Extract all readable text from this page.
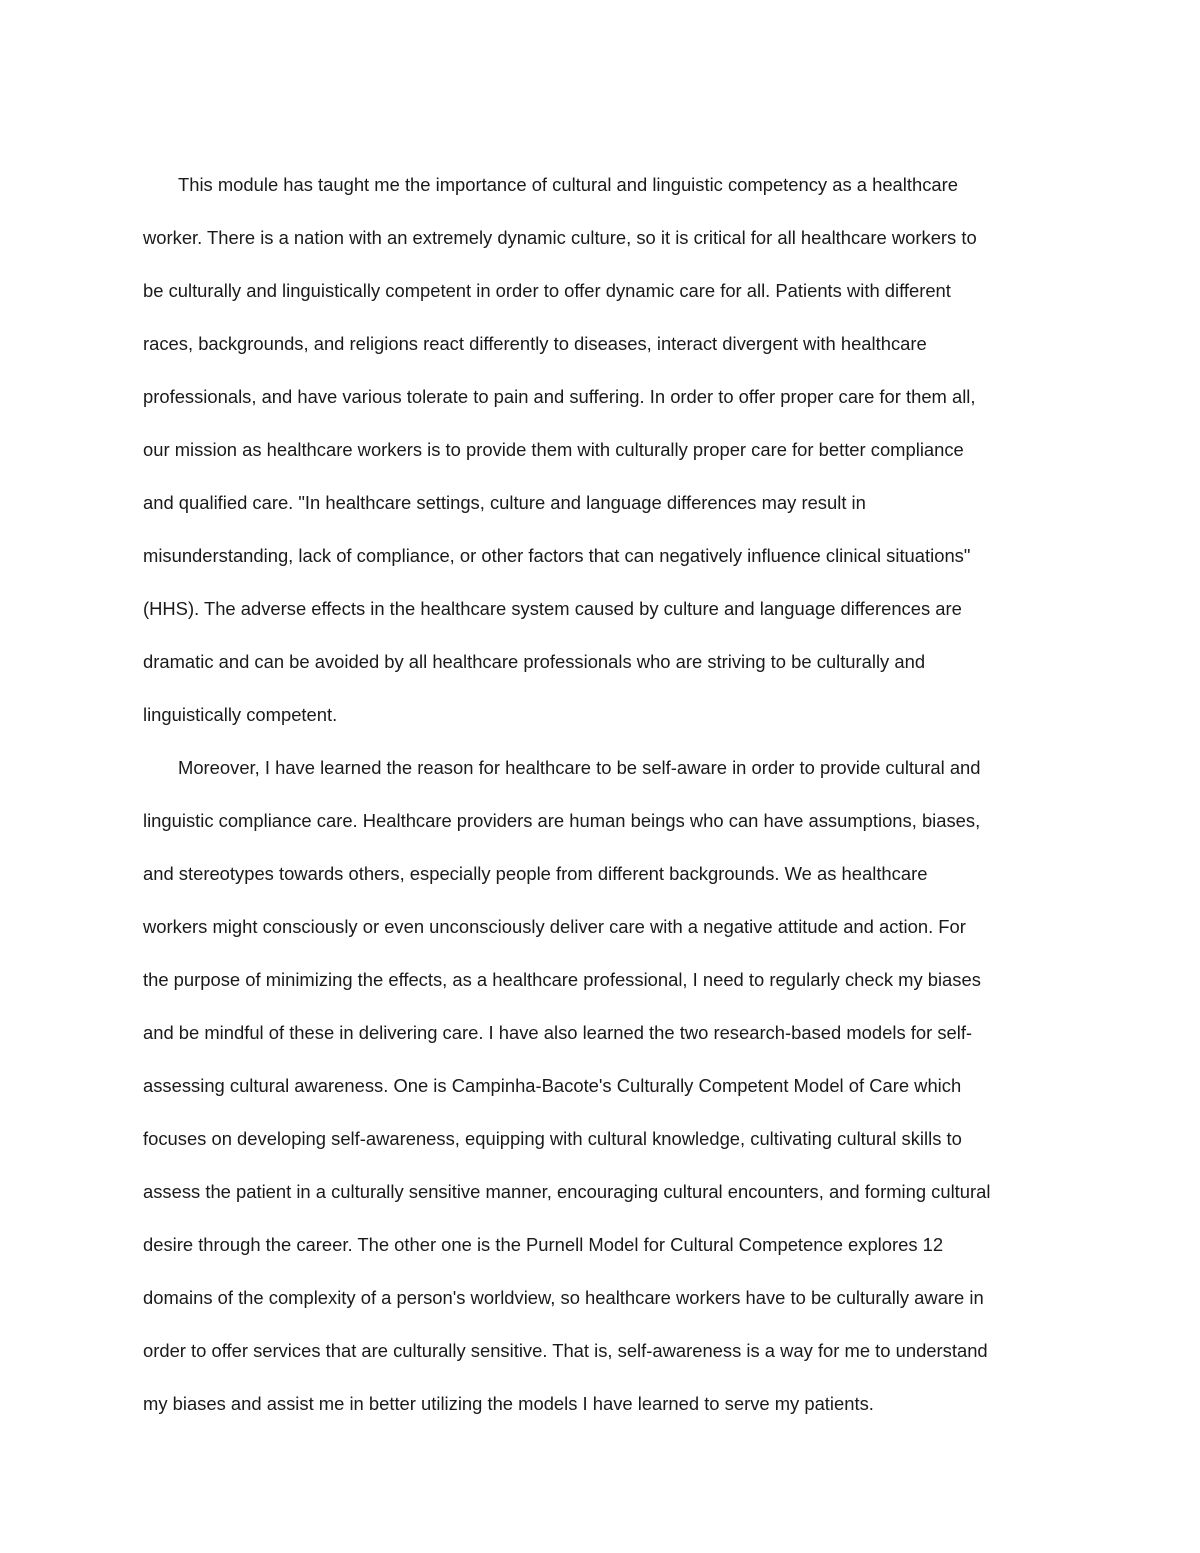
This module has taught me the importance of cultural and linguistic competency as a healthcare
worker. There is a nation with an extremely dynamic culture, so it is critical for all healthcare workers to
be culturally and linguistically competent in order to offer dynamic care for all. Patients with different
races, backgrounds, and religions react differently to diseases, interact divergent with healthcare
professionals, and have various tolerate to pain and suffering. In order to offer proper care for them all,
our mission as healthcare workers is to provide them with culturally proper care for better compliance
and qualified care. "In healthcare settings, culture and language differences may result in
misunderstanding, lack of compliance, or other factors that can negatively influence clinical situations"
(HHS). The adverse effects in the healthcare system caused by culture and language differences are
dramatic and can be avoided by all healthcare professionals who are striving to be culturally and
linguistically competent.
Moreover, I have learned the reason for healthcare to be self-aware in order to provide cultural and
linguistic compliance care. Healthcare providers are human beings who can have assumptions, biases,
and stereotypes towards others, especially people from different backgrounds. We as healthcare
workers might consciously or even unconsciously deliver care with a negative attitude and action. For
the purpose of minimizing the effects, as a healthcare professional, I need to regularly check my biases
and be mindful of these in delivering care. I have also learned the two research-based models for self-
assessing cultural awareness. One is Campinha-Bacote's Culturally Competent Model of Care which
focuses on developing self-awareness, equipping with cultural knowledge, cultivating cultural skills to
assess the patient in a culturally sensitive manner, encouraging cultural encounters, and forming cultural
desire through the career. The other one is the Purnell Model for Cultural Competence explores 12
domains of the complexity of a person's worldview, so healthcare workers have to be culturally aware in
order to offer services that are culturally sensitive. That is, self-awareness is a way for me to understand
my biases and assist me in better utilizing the models I have learned to serve my patients.
